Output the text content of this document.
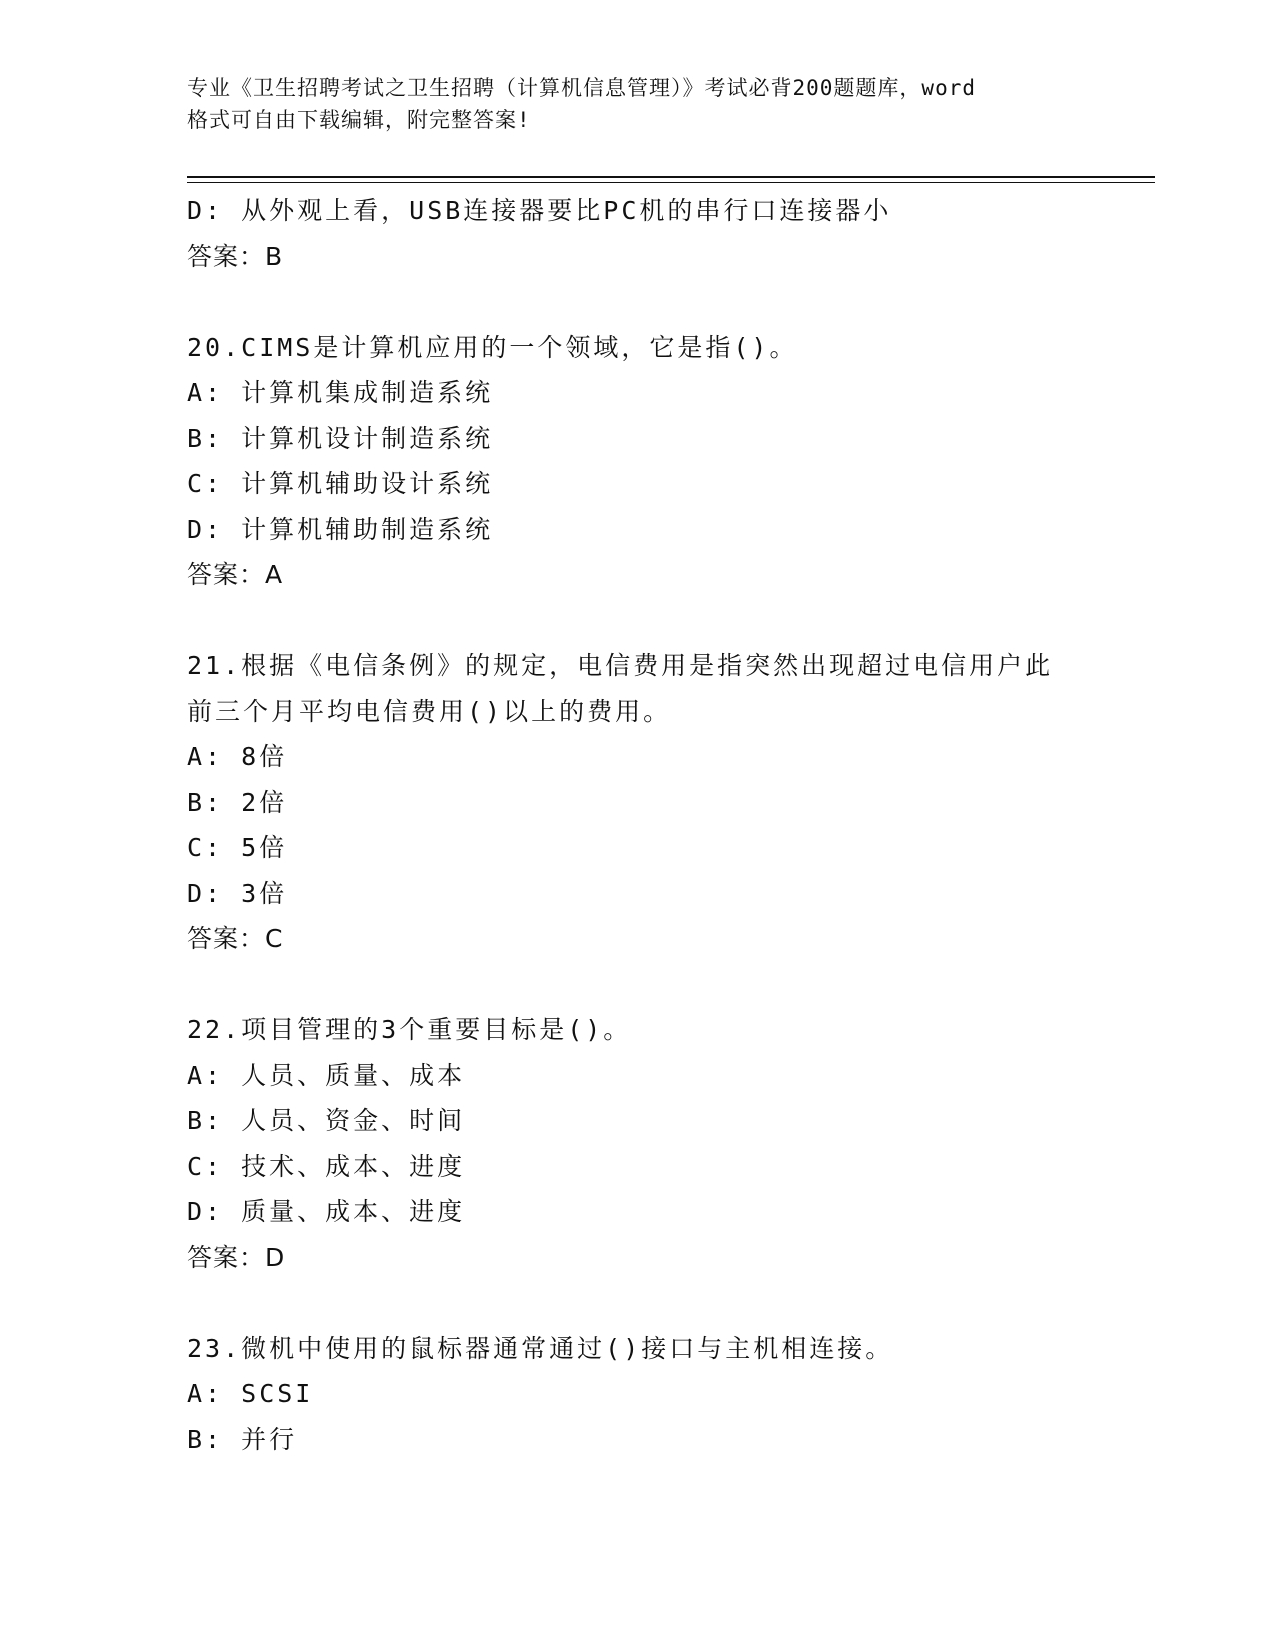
专业《卫生招聘考试之卫生招聘（计算机信息管理）》考试必背200题题库，word
格式可自由下载编辑，附完整答案!
D: 从外观上看，USB连接器要比PC机的串行口连接器小
答案：B
20.CIMS是计算机应用的一个领域，它是指()。
A: 计算机集成制造系统
B: 计算机设计制造系统
C: 计算机辅助设计系统
D: 计算机辅助制造系统
答案：A
21.根据《电信条例》的规定，电信费用是指突然出现超过电信用户此
前三个月平均电信费用()以上的费用。
A: 8倍
B: 2倍
C: 5倍
D: 3倍
答案：C
22.项目管理的3个重要目标是()。
A: 人员、质量、成本
B: 人员、资金、时间
C: 技术、成本、进度
D: 质量、成本、进度
答案：D
23.微机中使用的鼠标器通常通过()接口与主机相连接。
A: SCSI
B: 并行
